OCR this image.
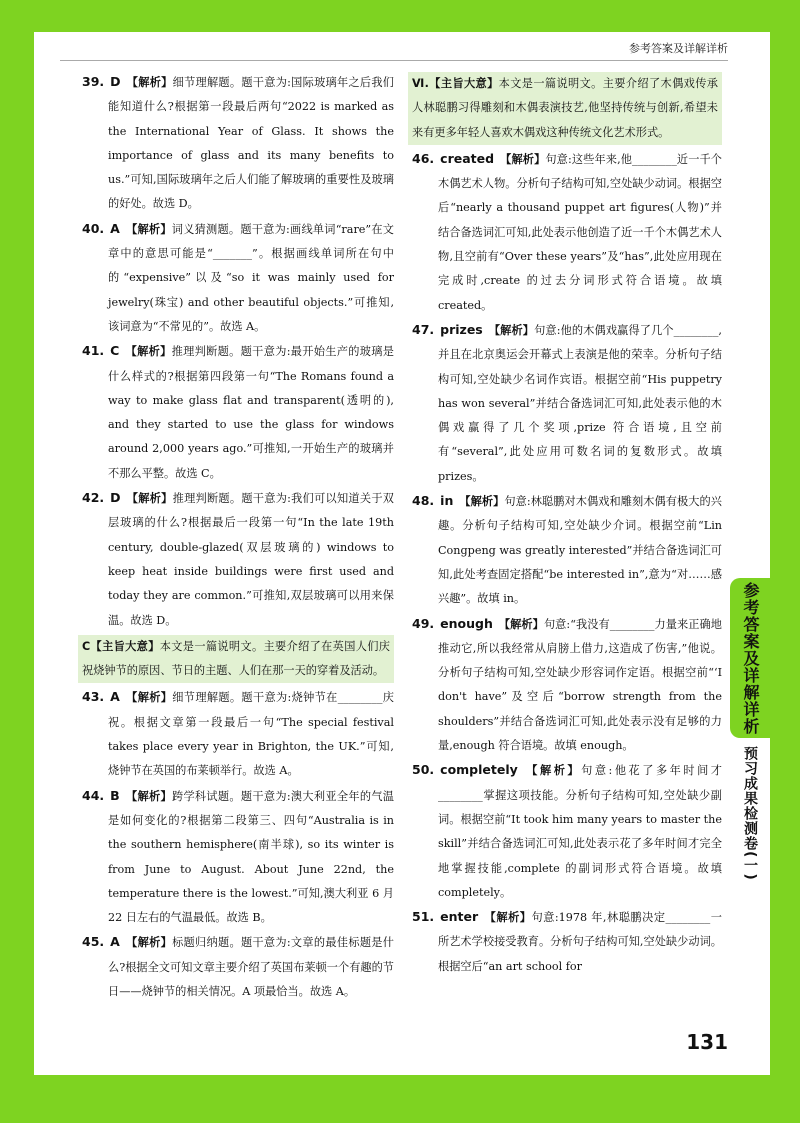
参考答案及详解详析

39. D 【解析】细节理解题。题干意为:国际玻璃年之后我们能知道什么?根据第一段最后两句“2022 is marked as the International Year of Glass. It shows the importance of glass and its many benefits to us.”可知,国际玻璃年之后人们能了解玻璃的重要性及玻璃的好处。故选 D。

40. A 【解析】词义猜测题。题干意为:画线单词“rare”在文章中的意思可能是“_______”。根据画线单词所在句中的“expensive”以及“so it was mainly used for jewelry(珠宝) and other beautiful objects.”可推知,该词意为“不常见的”。故选 A。

41. C 【解析】推理判断题。题干意为:最开始生产的玻璃是什么样式的?根据第四段第一句“The Romans found a way to make glass flat and transparent(透明的), and they started to use the glass for windows around 2,000 years ago.”可推知,一开始生产的玻璃并不那么平整。故选 C。

42. D 【解析】推理判断题。题干意为:我们可以知道关于双层玻璃的什么?根据最后一段第一句“In the late 19th century, double-glazed(双层玻璃的) windows to keep heat inside buildings were first used and today they are common.”可推知,双层玻璃可以用来保温。故选 D。

C【主旨大意】本文是一篇说明文。主要介绍了在英国人们庆祝烧钟节的原因、节日的主题、人们在那一天的穿着及活动。

43. A 【解析】细节理解题。题干意为:烧钟节在________庆祝。根据文章第一段最后一句“The special festival takes place every year in Brighton, the UK.”可知,烧钟节在英国的布莱顿举行。故选 A。

44. B 【解析】跨学科试题。题干意为:澳大利亚全年的气温是如何变化的?根据第二段第三、四句“Australia is in the southern hemisphere(南半球), so its winter is from June to August. About June 22nd, the temperature there is the lowest.”可知,澳大利亚 6 月 22 日左右的气温最低。故选 B。

45. A 【解析】标题归纳题。题干意为:文章的最佳标题是什么?根据全文可知文章主要介绍了英国布莱顿一个有趣的节日——烧钟节的相关情况。A 项最恰当。故选 A。

Ⅵ.【主旨大意】本文是一篇说明文。主要介绍了木偶戏传承人林聪鹏习得雕刻和木偶表演技艺,他坚持传统与创新,希望未来有更多年轻人喜欢木偶戏这种传统文化艺术形式。

46. created 【解析】句意:这些年来,他________近一千个木偶艺术人物。分析句子结构可知,空处缺少动词。根据空后“nearly a thousand puppet art figures(人物)”并结合备选词汇可知,此处表示他创造了近一千个木偶艺术人物,且空前有“Over these years”及“has”,此处应用现在完成时,create 的过去分词形式符合语境。故填 created。

47. prizes 【解析】句意:他的木偶戏赢得了几个________,并且在北京奥运会开幕式上表演是他的荣幸。分析句子结构可知,空处缺少名词作宾语。根据空前“His puppetry has won several”并结合备选词汇可知,此处表示他的木偶戏赢得了几个奖项,prize 符合语境,且空前有“several”,此处应用可数名词的复数形式。故填 prizes。

48. in 【解析】句意:林聪鹏对木偶戏和雕刻木偶有极大的兴趣。分析句子结构可知,空处缺少介词。根据空前“Lin Congpeng was greatly interested”并结合备选词汇可知,此处考查固定搭配“be interested in”,意为“对……感兴趣”。故填 in。

49. enough 【解析】句意:“我没有________力量来正确地推动它,所以我经常从肩膀上借力,这造成了伤害,”他说。分析句子结构可知,空处缺少形容词作定语。根据空前“‘I don't have”及空后“borrow strength from the shoulders”并结合备选词汇可知,此处表示没有足够的力量,enough 符合语境。故填 enough。

50. completely 【解析】句意:他花了多年时间才________掌握这项技能。分析句子结构可知,空处缺少副词。根据空前“It took him many years to master the skill”并结合备选词汇可知,此处表示花了多年时间才完全地掌握技能,complete 的副词形式符合语境。故填 completely。

51. enter 【解析】句意:1978 年,林聪鹏决定________一所艺术学校接受教育。分析句子结构可知,空处缺少动词。根据空后“an art school for

参考答案及详解详析
预习成果检测卷(一)
131
